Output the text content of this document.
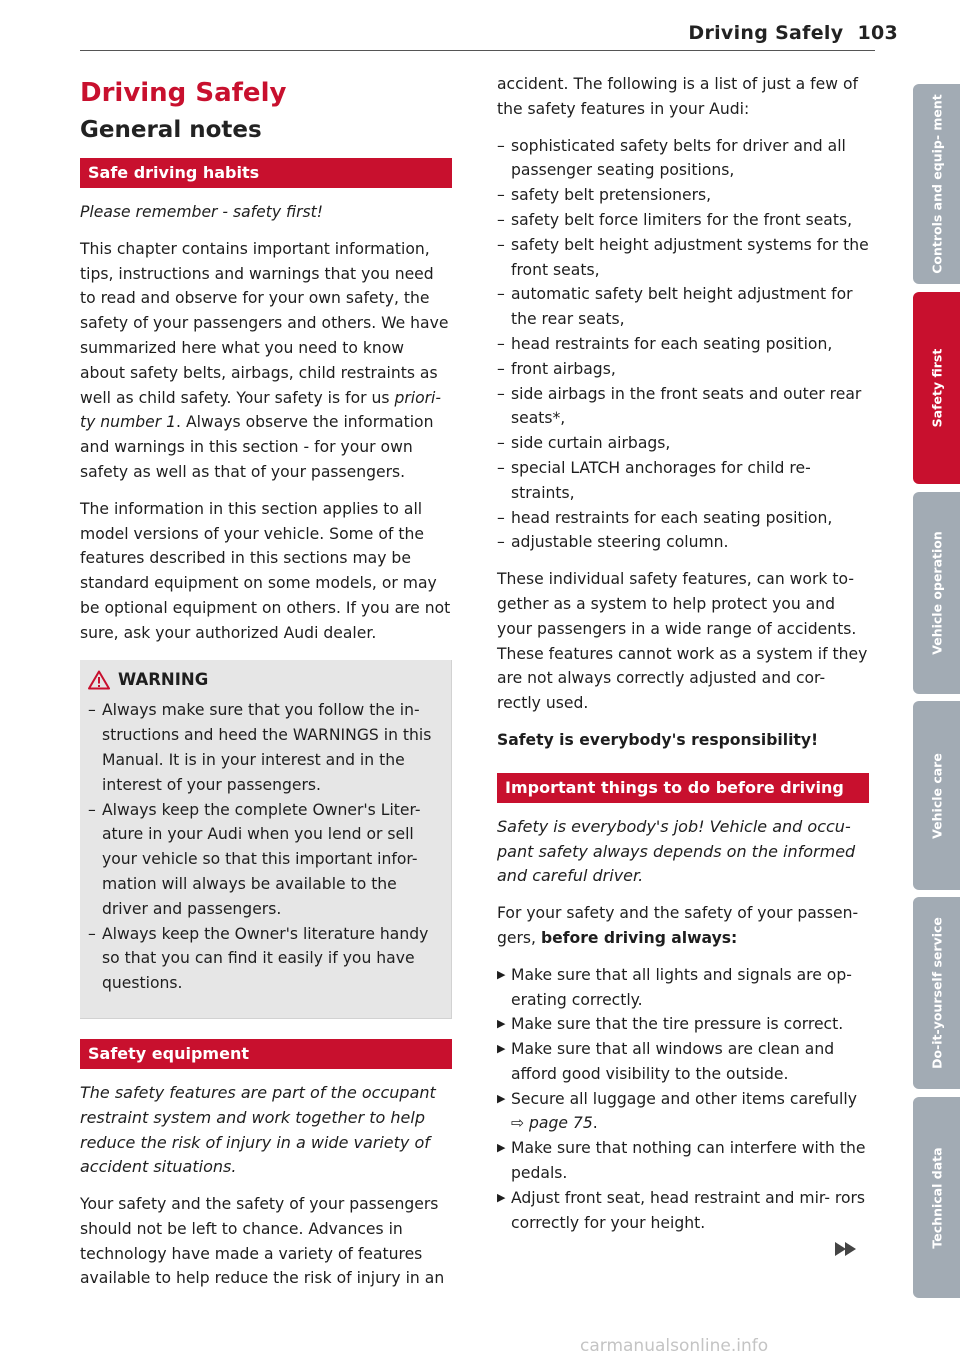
Driving Safely 103
Driving Safely
General notes
Safe driving habits

Please remember - safety first!

This chapter contains important information, tips, instructions and warnings that you need to read and observe for your own safety, the safety of your passengers and others. We have summarized here what you need to know about safety belts, airbags, child restraints as well as child safety. Your safety is for us priori- ty number 1. Always observe the information and warnings in this section - for your own safety as well as that of your passengers.

The information in this section applies to all model versions of your vehicle. Some of the features described in this sections may be standard equipment on some models, or may be optional equipment on others. If you are not sure, ask your authorized Audi dealer.

WARNING
– Always make sure that you follow the in- structions and heed the WARNINGS in this Manual. It is in your interest and in the interest of your passengers.
– Always keep the complete Owner's Liter- ature in your Audi when you lend or sell your vehicle so that this important infor- mation will always be available to the driver and passengers.
– Always keep the Owner's literature handy so that you can find it easily if you have questions.
Safety equipment

The safety features are part of the occupant restraint system and work together to help reduce the risk of injury in a wide variety of accident situations.

Your safety and the safety of your passengers should not be left to chance. Advances in technology have made a variety of features available to help reduce the risk of injury in an

accident. The following is a list of just a few of the safety features in your Audi:

– sophisticated safety belts for driver and all passenger seating positions,
– safety belt pretensioners,
– safety belt force limiters for the front seats,
– safety belt height adjustment systems for the front seats,
– automatic safety belt height adjustment for the rear seats,
– head restraints for each seating position,
– front airbags,
– side airbags in the front seats and outer rear seats*,
– side curtain airbags,
– special LATCH anchorages for child re- straints,
– head restraints for each seating position,
– adjustable steering column.

These individual safety features, can work to- gether as a system to help protect you and your passengers in a wide range of accidents. These features cannot work as a system if they are not always correctly adjusted and cor- rectly used.

Safety is everybody's responsibility!

Important things to do before driving

Safety is everybody's job! Vehicle and occu- pant safety always depends on the informed and careful driver.

For your safety and the safety of your passen- gers, before driving always:

▶ Make sure that all lights and signals are op- erating correctly.
▶ Make sure that the tire pressure is correct.
▶ Make sure that all windows are clean and afford good visibility to the outside.
▶ Secure all luggage and other items carefully ⇨ page 75.
▶ Make sure that nothing can interfere with the pedals.
▶ Adjust front seat, head restraint and mir- rors correctly for your height.
Controls and equip- ment
Safety first
Vehicle operation
Vehicle care
Do-it-yourself service
Technical data
carmanualsonline.info
